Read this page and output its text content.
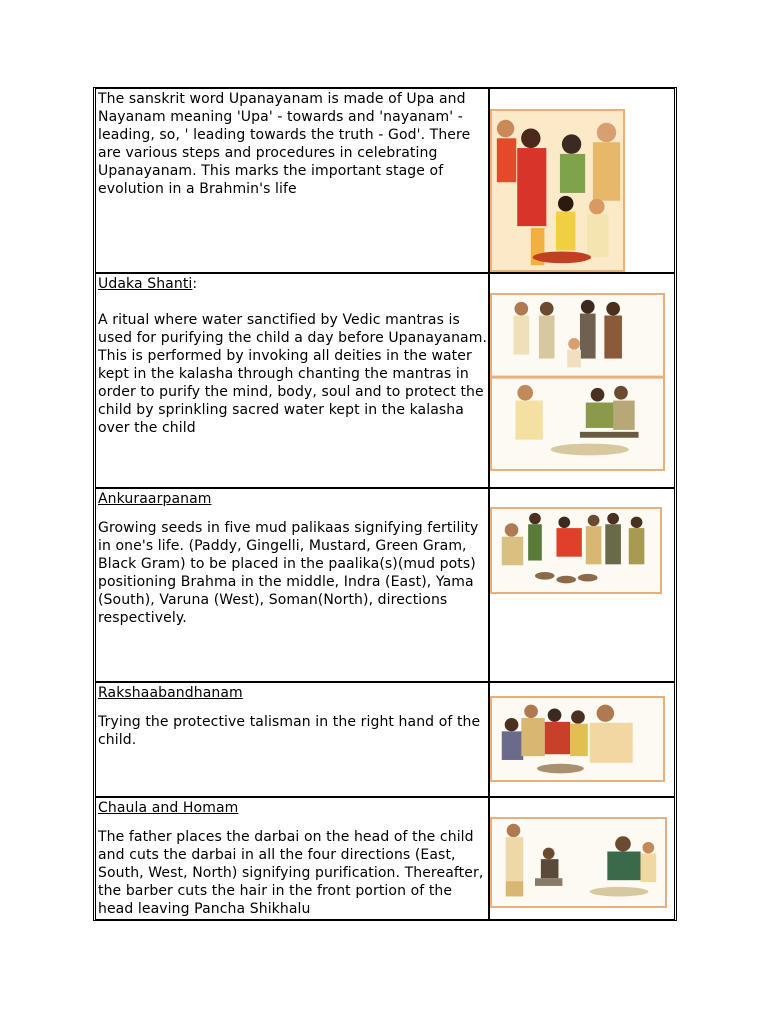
The sanskrit word Upanayanam is made of Upa and Nayanam meaning 'Upa' - towards and 'nayanam' - leading, so, ' leading towards the truth - God'. There are various steps and procedures in celebrating Upanayanam. This marks the important stage of evolution in a Brahmin's life
Udaka Shanti:
A ritual where water sanctified by Vedic mantras is used for purifying the child a day before Upanayanam. This is performed by invoking all deities in the water kept in the kalasha through chanting the mantras in order to purify the mind, body, soul and to protect the child by sprinkling sacred water kept in the kalasha over the child
Ankuraarpanam
Growing seeds in five mud palikaas signifying fertility in one's life. (Paddy, Gingelli, Mustard, Green Gram, Black Gram) to be placed in the paalika(s)(mud pots) positioning Brahma in the middle, Indra (East), Yama (South), Varuna (West), Soman(North), directions respectively.
Rakshaabandhanam
Trying the protective talisman in the right hand of the child.
Chaula and Homam
The father places the darbai on the head of the child and cuts the darbai in all the four directions (East, South, West, North) signifying purification. Thereafter, the barber cuts the hair in the front portion of the head leaving Pancha Shikhalu
